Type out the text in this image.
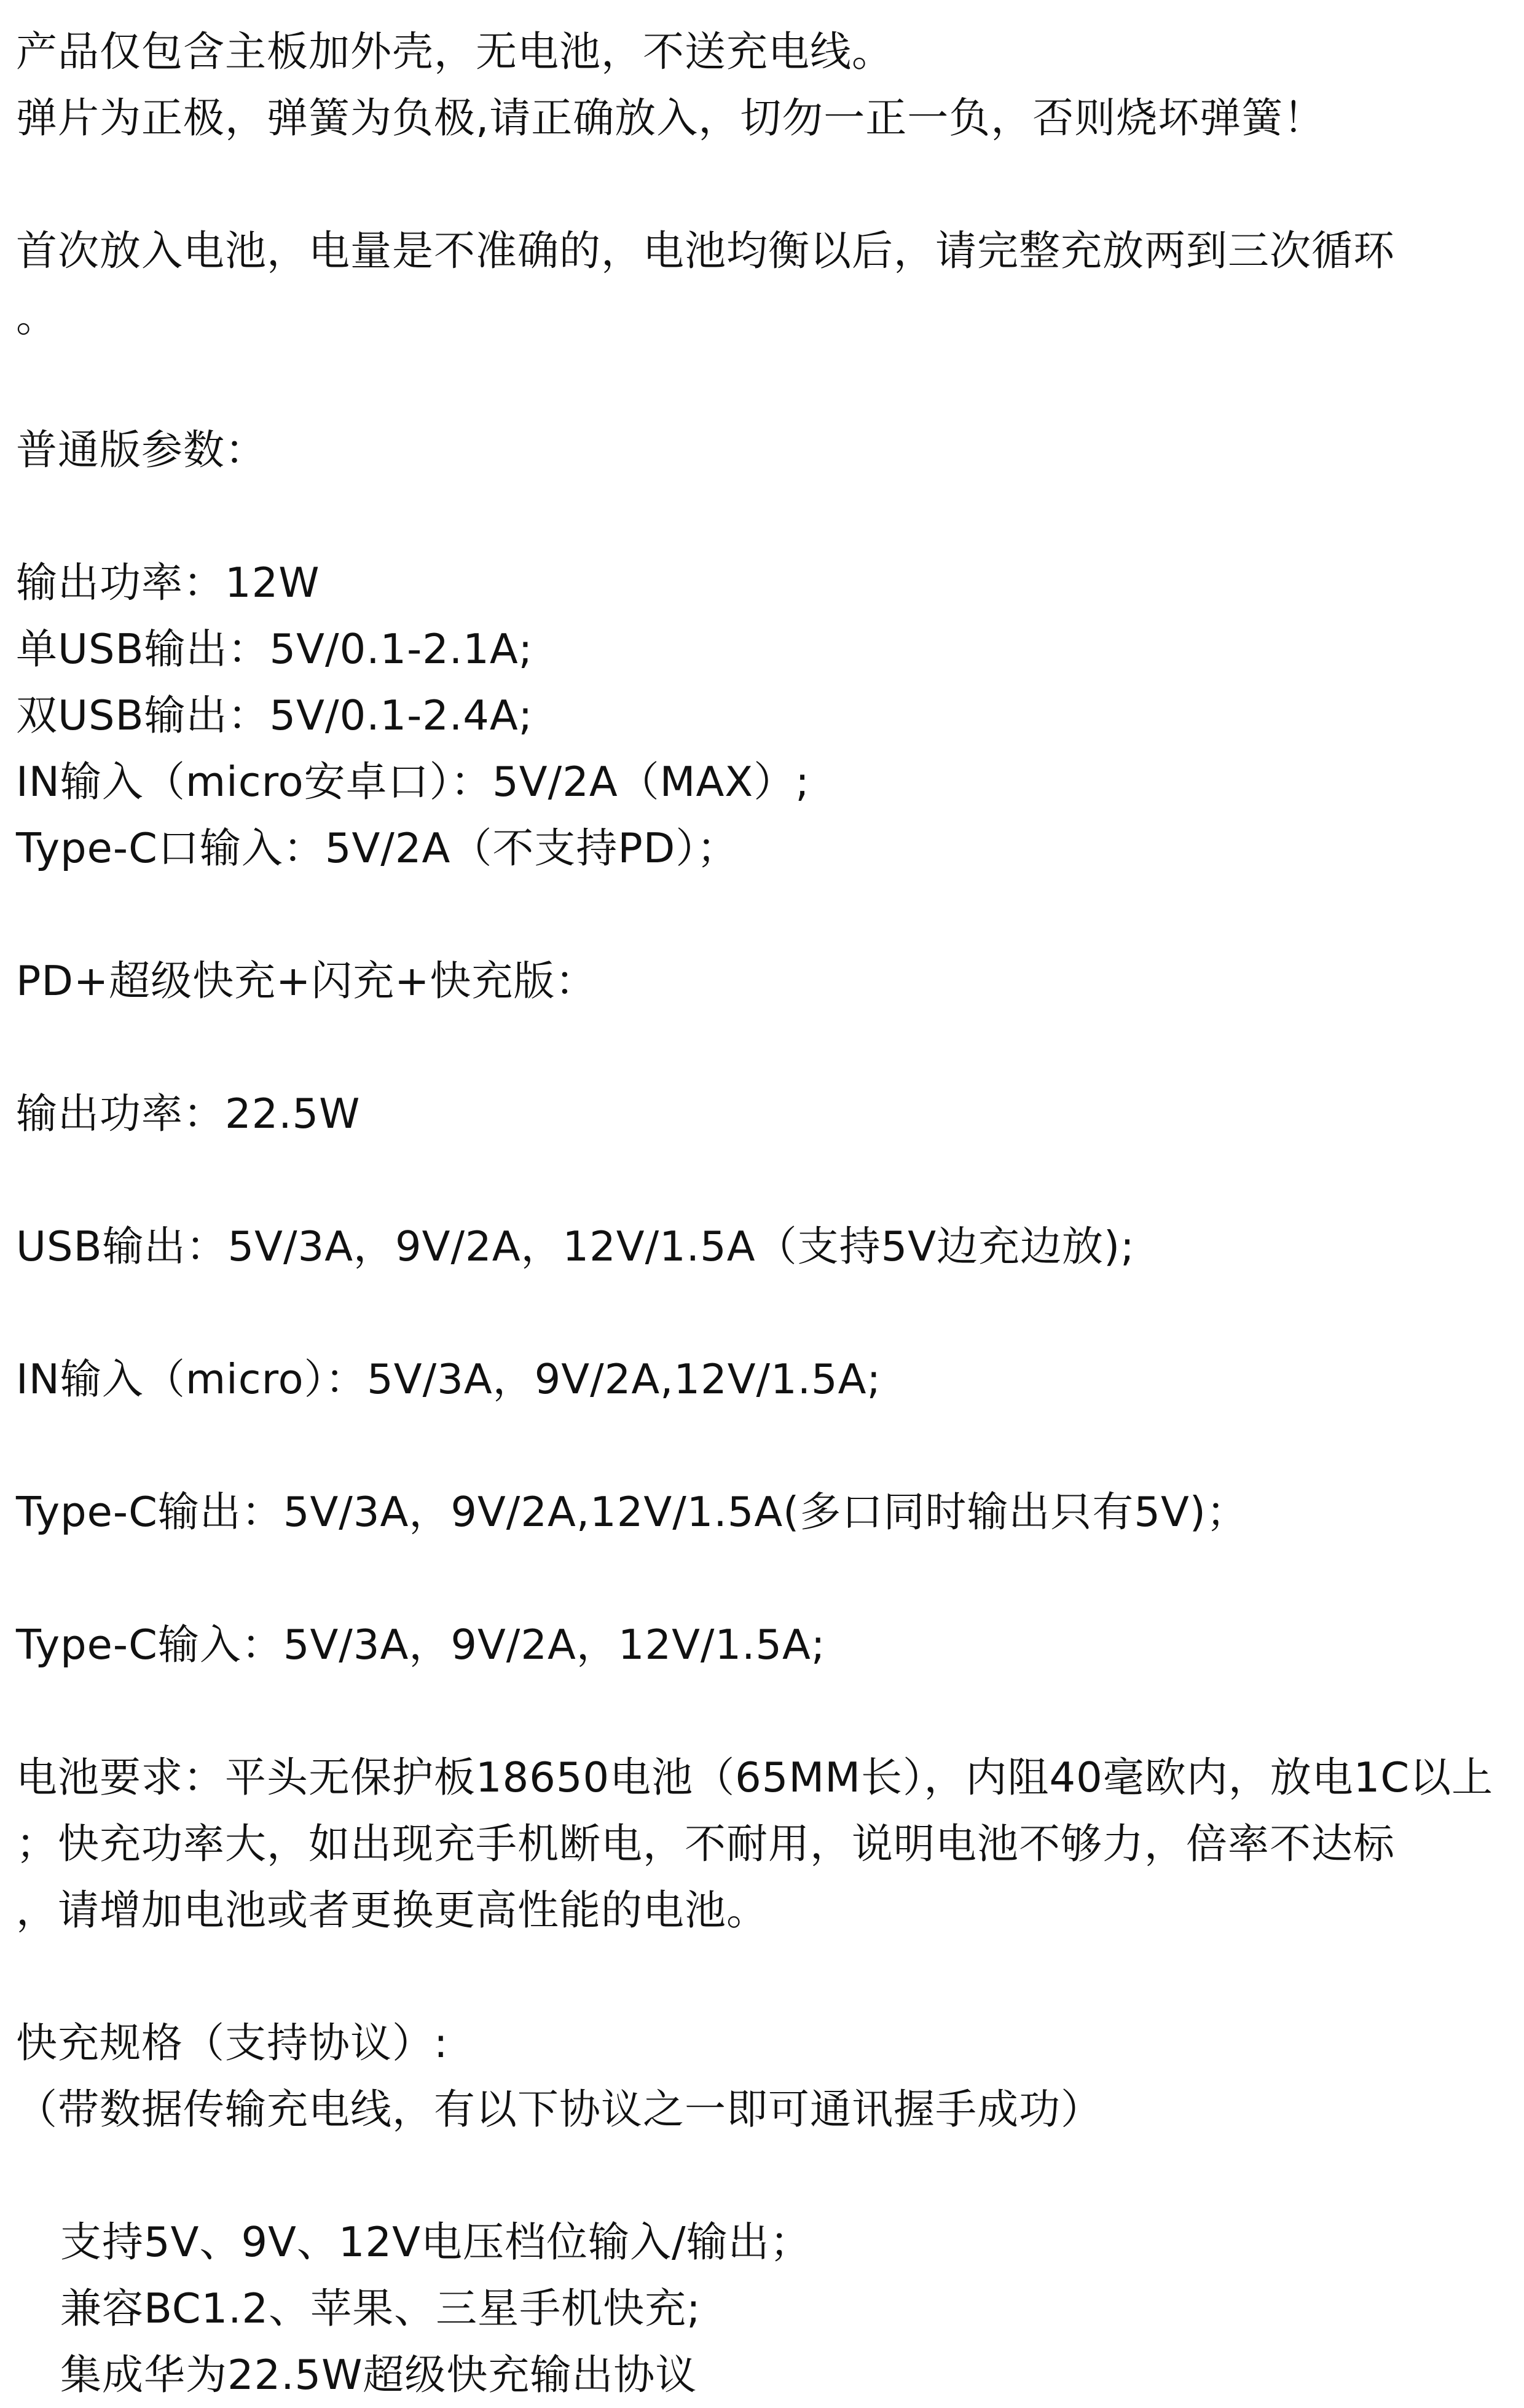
产品仅包含主板加外壳，无电池，不送充电线。
弹片为正极，弹簧为负极,请正确放入，切勿一正一负，否则烧坏弹簧！
首次放入电池，电量是不准确的，电池均衡以后，请完整充放两到三次循环
。
普通版参数：
输出功率：12W
单USB输出：5V/0.1-2.1A;
双USB输出：5V/0.1-2.4A;
IN输入（micro安卓口）：5V/2A（MAX）;
Type-C口输入：5V/2A（不支持PD）；
PD+超级快充+闪充+快充版：
输出功率：22.5W
USB输出：5V/3A，9V/2A，12V/1.5A（支持5V边充边放);
IN输入（micro）：5V/3A，9V/2A,12V/1.5A;
Type-C输出：5V/3A，9V/2A,12V/1.5A(多口同时输出只有5V)；
Type-C输入：5V/3A，9V/2A，12V/1.5A;
电池要求：平头无保护板18650电池（65MM长），内阻40毫欧内，放电1C以上
；快充功率大，如出现充手机断电，不耐用，说明电池不够力，倍率不达标
，请增加电池或者更换更高性能的电池。
快充规格（支持协议）:
（带数据传输充电线，有以下协议之一即可通讯握手成功）
支持5V、9V、12V电压档位输入/输出；
兼容BC1.2、苹果、三星手机快充;
集成华为22.5W超级快充输出协议
